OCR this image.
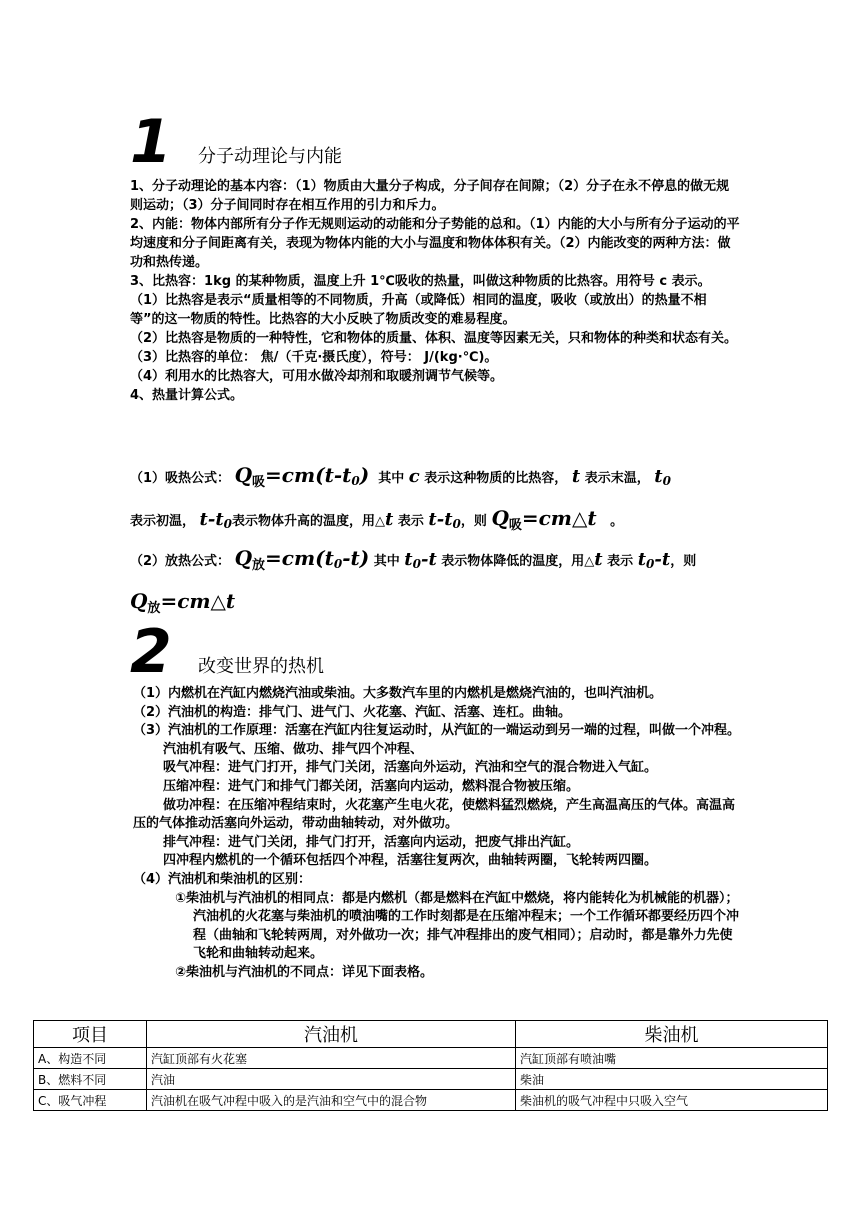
1	分子动理论与内能

1、分子动理论的基本内容：（1）物质由大量分子构成，分子间存在间隙；（2）分子在永不停息的做无规则运动；（3）分子间同时存在相互作用的引力和斥力。

2、内能：物体内部所有分子作无规则运动的动能和分子势能的总和。（1）内能的大小与所有分子运动的平均速度和分子间距离有关，表现为物体内能的大小与温度和物体体积有关。（2）内能改变的两种方法：做功和热传递。

3、比热容：1kg 的某种物质，温度上升 1℃吸收的热量，叫做这种物质的比热容。用符号 c 表示。

（1）比热容是表示“质量相等的不同物质，升高（或降低）相同的温度，吸收（或放出）的热量不相等”的这一物质的特性。比热容的大小反映了物质改变的难易程度。

（2）比热容是物质的一种特性，它和物体的质量、体积、温度等因素无关，只和物体的种类和状态有关。

（3）比热容的单位： 焦/（千克·摄氏度），符号： J/(kg·℃)。

（4）利用水的比热容大，可用水做冷却剂和取暖剂调节气候等。

4、热量计算公式。

（1）吸热公式： Q吸=cm(t-t0) 其中 c 表示这种物质的比热容， t 表示末温， t0
表示初温， t-t0表示物体升高的温度，用△t 表示 t-t0，则 Q吸=cm△t 。
（2）放热公式： Q放=cm(t0-t) 其中 t0-t 表示物体降低的温度，用△t 表示 t0-t，则
Q放=cm△t
2	改变世界的热机

（1）内燃机在汽缸内燃烧汽油或柴油。大多数汽车里的内燃机是燃烧汽油的，也叫汽油机。

（2）汽油机的构造：排气门、进气门、火花塞、汽缸、活塞、连杠。曲轴。

（3）汽油机的工作原理：活塞在汽缸内往复运动时，从汽缸的一端运动到另一端的过程，叫做一个冲程。

汽油机有吸气、压缩、做功、排气四个冲程、

吸气冲程：进气门打开，排气门关闭，活塞向外运动，汽油和空气的混合物进入气缸。

压缩冲程：进气门和排气门都关闭，活塞向内运动，燃料混合物被压缩。

做功冲程：在压缩冲程结束时，火花塞产生电火花，使燃料猛烈燃烧，产生高温高压的气体。高温高压的气体推动活塞向外运动，带动曲轴转动，对外做功。

排气冲程：进气门关闭，排气门打开，活塞向内运动，把废气排出汽缸。

四冲程内燃机的一个循环包括四个冲程，活塞往复两次，曲轴转两圈，飞轮转两四圈。

（4）汽油机和柴油机的区别：

①柴油机与汽油机的相同点：都是内燃机（都是燃料在汽缸中燃烧，将内能转化为机械能的机器）；汽油机的火花塞与柴油机的喷油嘴的工作时刻都是在压缩冲程末；一个工作循环都要经历四个冲程（曲轴和飞轮转两周，对外做功一次；排气冲程排出的废气相同）；启动时，都是靠外力先使飞轮和曲轴转动起来。

②柴油机与汽油机的不同点：详见下面表格。

项目	汽油机	柴油机
A、构造不同	汽缸顶部有火花塞	汽缸顶部有喷油嘴
B、燃料不同	汽油	柴油
C、吸气冲程	汽油机在吸气冲程中吸入的是汽油和空气中的混合物	柴油机的吸气冲程中只吸入空气
